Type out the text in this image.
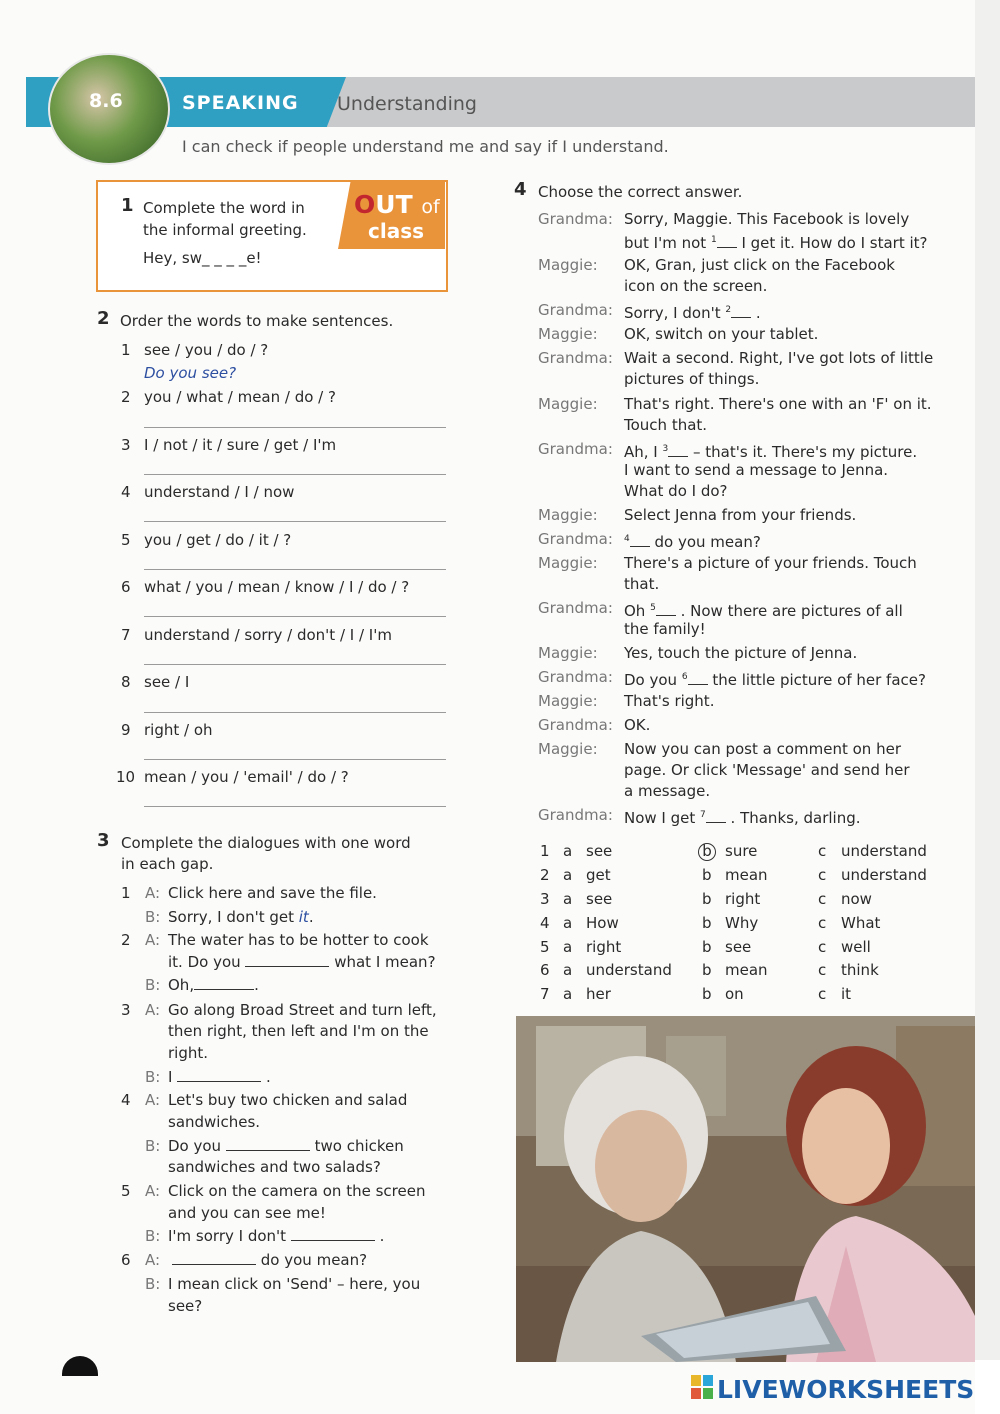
8.6	SPEAKING Understanding
I can check if people understand me and say if I understand.
OUT of
class
1 Complete the word in
the informal greeting.
Hey, sw_ _ _ _e!
2 Order the words to make sentences.
1 see / you / do / ?
Do you see?
2 you / what / mean / do / ?
3 I / not / it / sure / get / I'm
4 understand / I / now
5 you / get / do / it / ?
6 what / you / mean / know / I / do / ?
7 understand / sorry / don't / I / I'm
8 see / I
9 right / oh
10 mean / you / 'email' / do / ?
3 Complete the dialogues with one word
in each gap.
1 A: Click here and save the file.
B: Sorry, I don't get it.
2 A: The water has to be hotter to cook
it. Do you	what I mean?
B: Oh,	.
3 A: Go along Broad Street and turn left,
then right, then left and I'm on the
right.
B: I	.
4 A: Let's buy two chicken and salad
sandwiches.
B: Do you	two chicken
sandwiches and two salads?
5 A: Click on the camera on the screen
and you can see me!
B: I'm sorry I don't	.
6 A:	do you mean?
B: I mean click on 'Send' – here, you
see?
4 Choose the correct answer.
Grandma: Sorry, Maggie. This Facebook is lovely
but I'm not $^1$ I get it. How do I start it?
Maggie: OK, Gran, just click on the Facebook
icon on the screen.
Grandma: Sorry, I don't $^2$ .
Maggie: OK, switch on your tablet.
Grandma: Wait a second. Right, I've got lots of little
pictures of things.
Maggie: That's right. There's one with an 'F' on it.
Touch that.
Grandma: Ah, I $^3$ – that's it. There's my picture.
I want to send a message to Jenna.
What do I do?
Maggie: Select Jenna from your friends.
Grandma: $^4$ do you mean?
Maggie: There's a picture of your friends. Touch
that.
Grandma: Oh $^5$ . Now there are pictures of all
the family!
Maggie: Yes, touch the picture of Jenna.
Grandma: Do you $^6$ the little picture of her face?
Maggie: That's right.
Grandma: OK.
Maggie: Now you can post a comment on her
page. Or click 'Message' and send her
a message.
Grandma: Now I get $^7$ . Thanks, darling.
1 a see	b sure	c understand
2 a get	b mean	c understand
3 a see	b right	c now
4 a How	b Why	c What
5 a right	b see	c well
6 a understand b mean	c think
7 a her	b on	c it
LIVEWORKSHEETS
